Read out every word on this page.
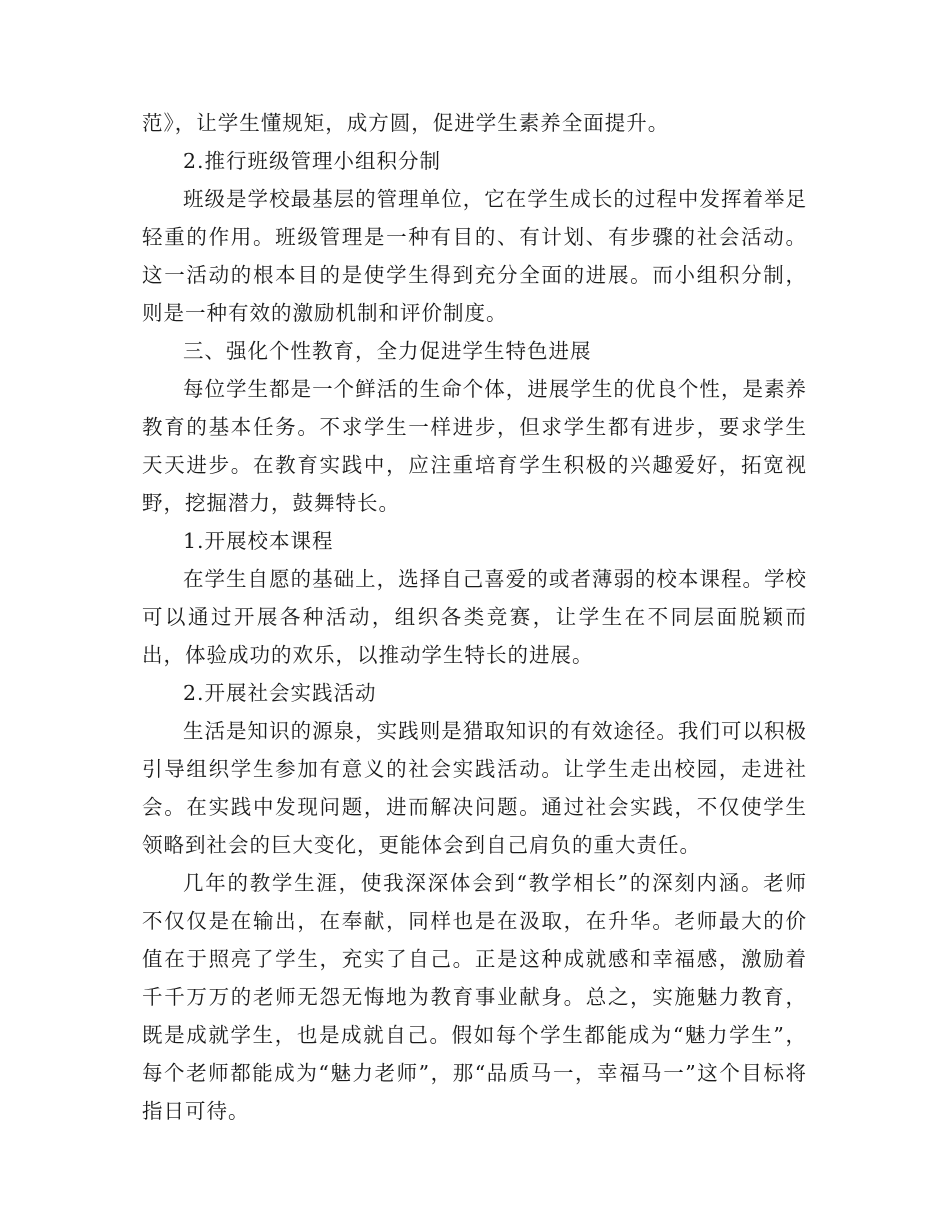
范》，让学生懂规矩，成方圆，促进学生素养全面提升。

2.推行班级管理小组积分制

班级是学校最基层的管理单位，它在学生成长的过程中发挥着举足轻重的作用。班级管理是一种有目的、有计划、有步骤的社会活动。这一活动的根本目的是使学生得到充分全面的进展。而小组积分制，则是一种有效的激励机制和评价制度。

三、强化个性教育，全力促进学生特色进展

每位学生都是一个鲜活的生命个体，进展学生的优良个性，是素养教育的基本任务。不求学生一样进步，但求学生都有进步，要求学生天天进步。在教育实践中，应注重培育学生积极的兴趣爱好，拓宽视野，挖掘潜力，鼓舞特长。

1.开展校本课程

在学生自愿的基础上，选择自己喜爱的或者薄弱的校本课程。学校可以通过开展各种活动，组织各类竞赛，让学生在不同层面脱颖而出，体验成功的欢乐，以推动学生特长的进展。

2.开展社会实践活动

生活是知识的源泉，实践则是猎取知识的有效途径。我们可以积极引导组织学生参加有意义的社会实践活动。让学生走出校园，走进社会。在实践中发现问题，进而解决问题。通过社会实践，不仅使学生领略到社会的巨大变化，更能体会到自己肩负的重大责任。

几年的教学生涯，使我深深体会到“教学相长”的深刻内涵。老师不仅仅是在输出，在奉献，同样也是在汲取，在升华。老师最大的价值在于照亮了学生，充实了自己。正是这种成就感和幸福感，激励着千千万万的老师无怨无悔地为教育事业献身。总之，实施魅力教育，既是成就学生，也是成就自己。假如每个学生都能成为“魅力学生”，每个老师都能成为“魅力老师”，那“品质马一，幸福马一”这个目标将指日可待。
